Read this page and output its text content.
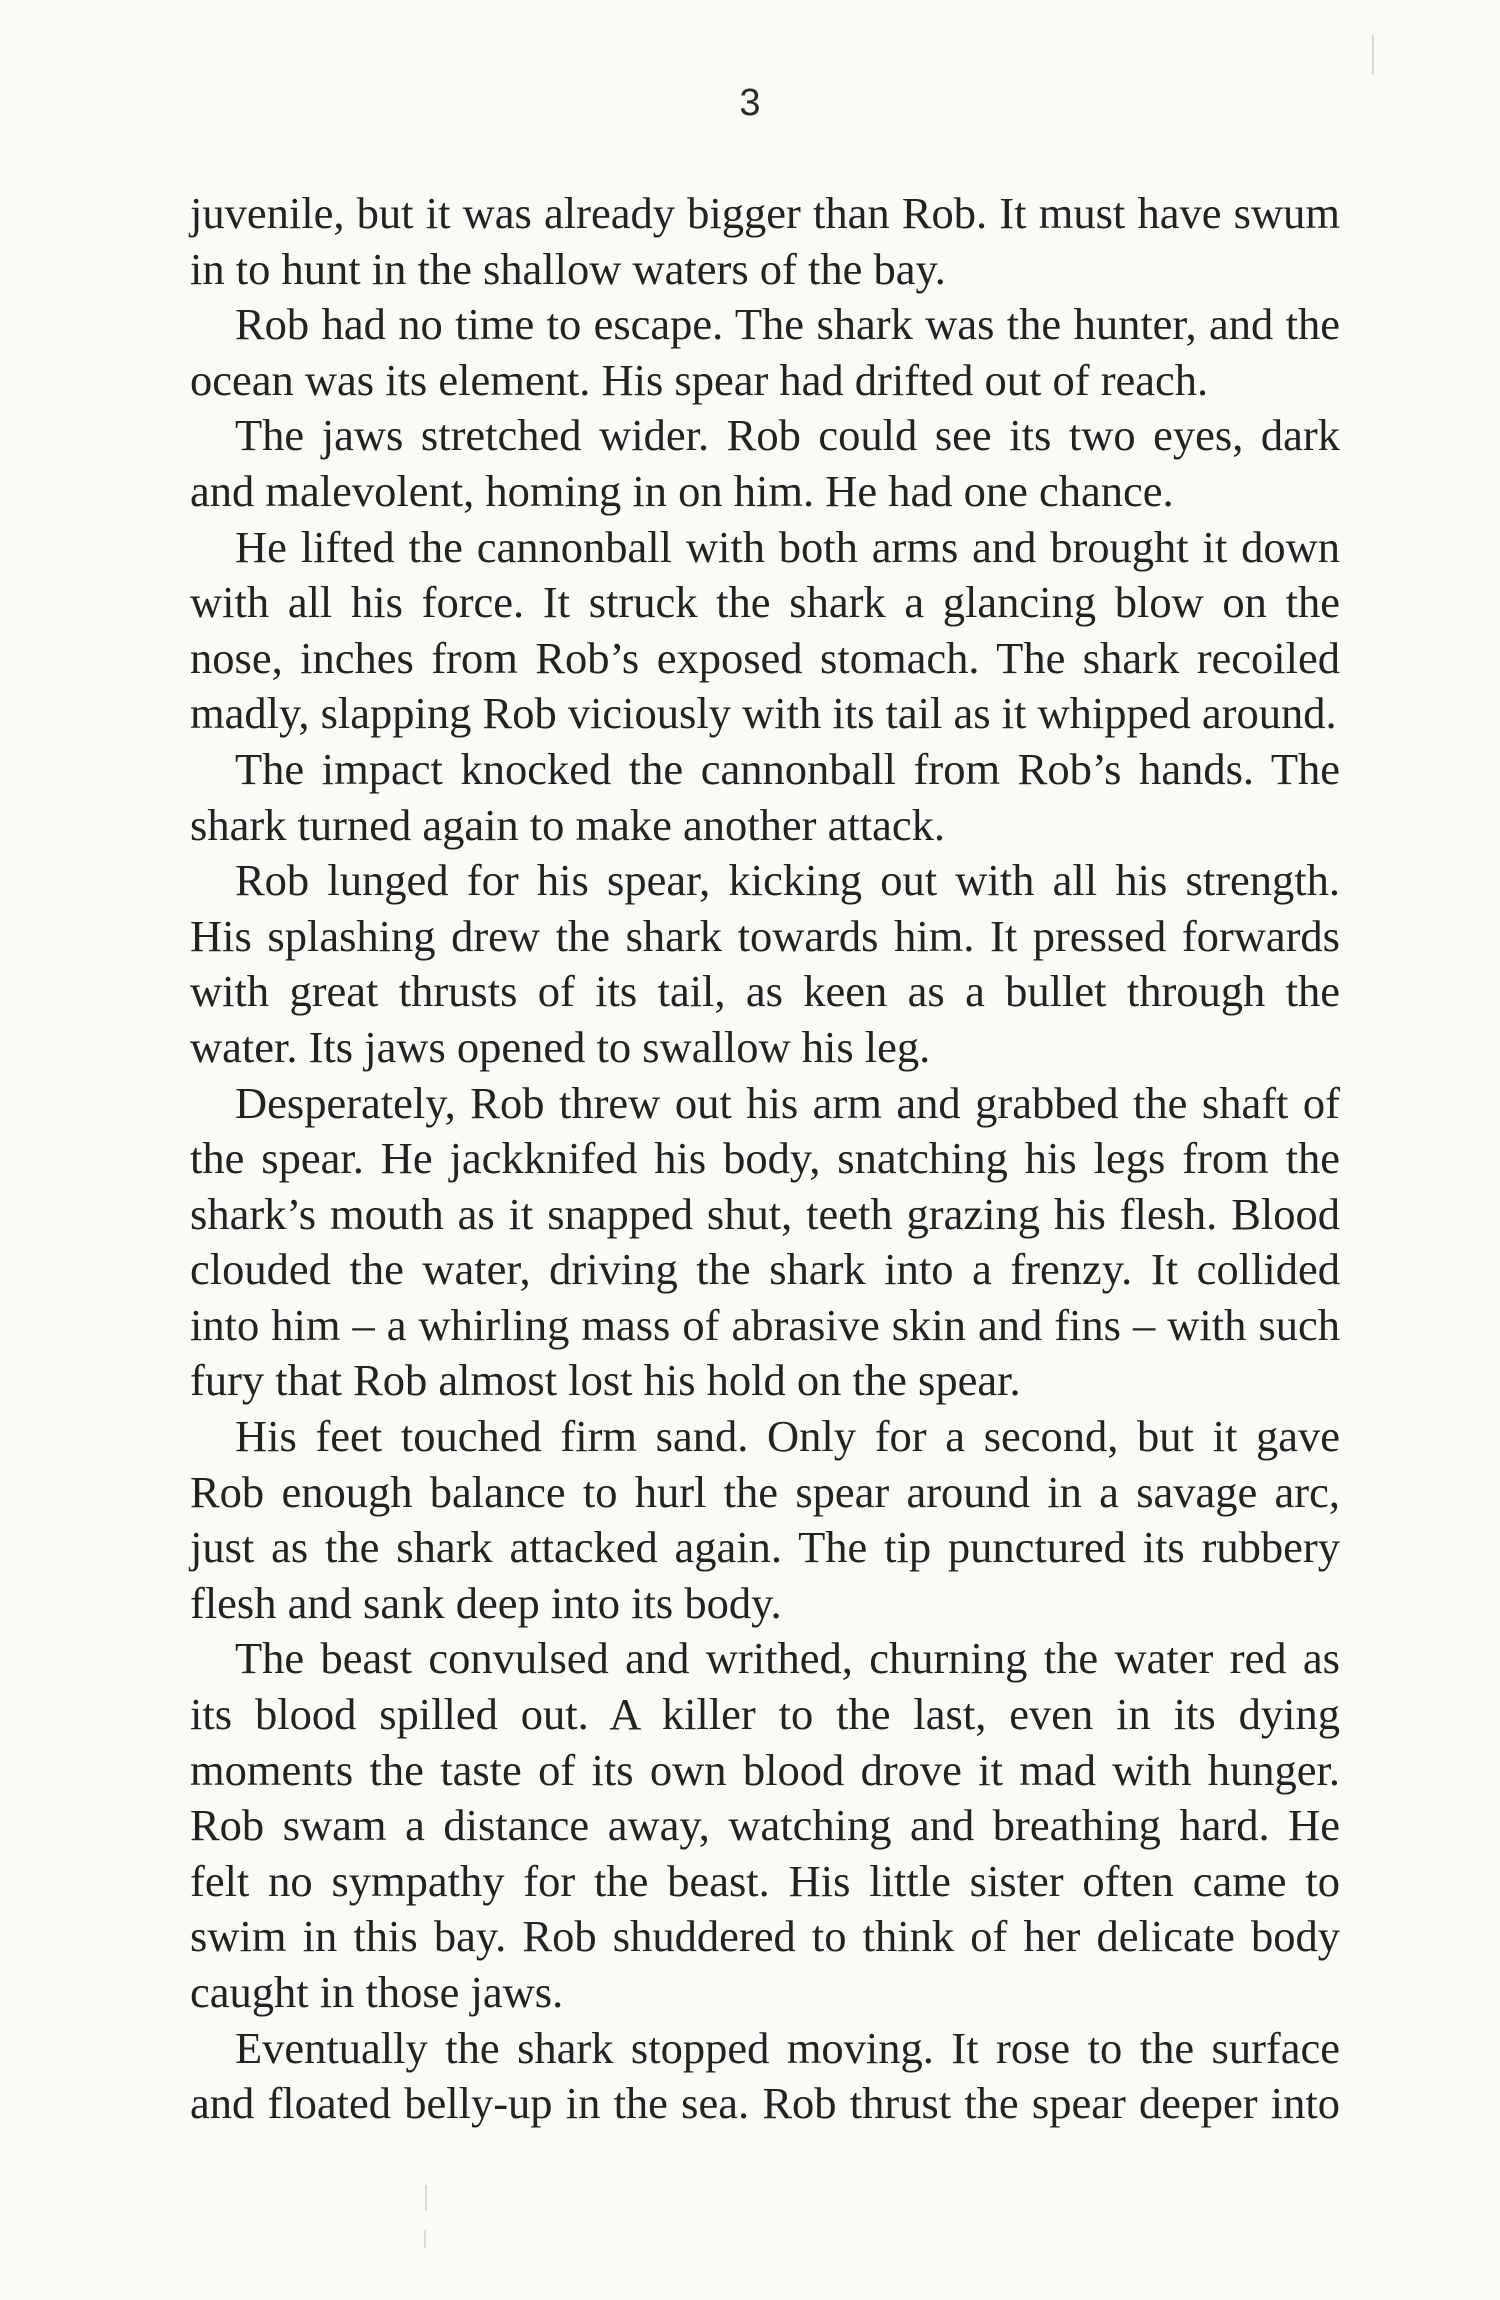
3

juvenile, but it was already bigger than Rob. It must have swum in to hunt in the shallow waters of the bay.

Rob had no time to escape. The shark was the hunter, and the ocean was its element. His spear had drifted out of reach.

The jaws stretched wider. Rob could see its two eyes, dark and malevolent, homing in on him. He had one chance.

He lifted the cannonball with both arms and brought it down with all his force. It struck the shark a glancing blow on the nose, inches from Rob’s exposed stomach. The shark recoiled madly, slapping Rob viciously with its tail as it whipped around.

The impact knocked the cannonball from Rob’s hands. The shark turned again to make another attack.

Rob lunged for his spear, kicking out with all his strength. His splashing drew the shark towards him. It pressed forwards with great thrusts of its tail, as keen as a bullet through the water. Its jaws opened to swallow his leg.

Desperately, Rob threw out his arm and grabbed the shaft of the spear. He jackknifed his body, snatching his legs from the shark’s mouth as it snapped shut, teeth grazing his flesh. Blood clouded the water, driving the shark into a frenzy. It collided into him – a whirling mass of abrasive skin and fins – with such fury that Rob almost lost his hold on the spear.

His feet touched firm sand. Only for a second, but it gave Rob enough balance to hurl the spear around in a savage arc, just as the shark attacked again. The tip punctured its rubbery flesh and sank deep into its body.

The beast convulsed and writhed, churning the water red as its blood spilled out. A killer to the last, even in its dying moments the taste of its own blood drove it mad with hunger. Rob swam a distance away, watching and breathing hard. He felt no sympathy for the beast. His little sister often came to swim in this bay. Rob shuddered to think of her delicate body caught in those jaws.

Eventually the shark stopped moving. It rose to the surface and floated belly-up in the sea. Rob thrust the spear deeper into
